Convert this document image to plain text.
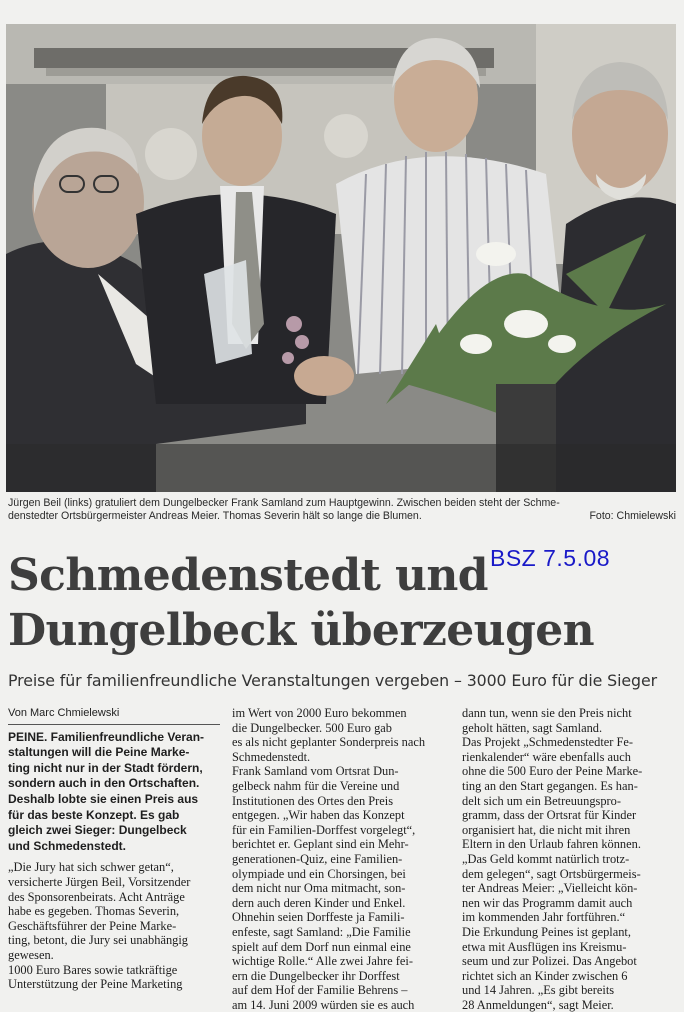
Jürgen Beil (links) gratuliert dem Dungelbecker Frank Samland zum Hauptgewinn. Zwischen beiden steht der Schme-

denstedter Ortsbürgermeister Andreas Meier. Thomas Severin hält so lange die Blumen.	Foto: Chmielewski

BSZ 7.5.08
Schmedenstedt und
Dungelbeck überzeugen

Preise für familienfreundliche Veranstaltungen vergeben – 3000 Euro für die Sieger

Von Marc Chmielewski

PEINE. Familienfreundliche Veran-

staltungen will die Peine Marke-

ting nicht nur in der Stadt fördern,

sondern auch in den Ortschaften.

Deshalb lobte sie einen Preis aus

für das beste Konzept. Es gab

gleich zwei Sieger: Dungelbeck

und Schmedenstedt.

„Die Jury hat sich schwer getan“,

versicherte Jürgen Beil, Vorsitzender

des Sponsorenbeirats. Acht Anträge

habe es gegeben. Thomas Severin,

Geschäftsführer der Peine Marke-

ting, betont, die Jury sei unabhängig

gewesen.

1000 Euro Bares sowie tatkräftige

Unterstützung der Peine Marketing

im Wert von 2000 Euro bekommen

die Dungelbecker. 500 Euro gab

es als nicht geplanter Sonderpreis nach

Schmedenstedt.

Frank Samland vom Ortsrat Dun-

gelbeck nahm für die Vereine und

Institutionen des Ortes den Preis

entgegen. „Wir haben das Konzept

für ein Familien-Dorffest vorgelegt“,

berichtet er. Geplant sind ein Mehr-

generationen-Quiz, eine Familien-

olympiade und ein Chorsingen, bei

dem nicht nur Oma mitmacht, son-

dern auch deren Kinder und Enkel.

Ohnehin seien Dorffeste ja Famili-

enfeste, sagt Samland: „Die Familie

spielt auf dem Dorf nun einmal eine

wichtige Rolle.“ Alle zwei Jahre fei-

ern die Dungelbecker ihr Dorffest

auf dem Hof der Familie Behrens –

am 14. Juni 2009 würden sie es auch

dann tun, wenn sie den Preis nicht

geholt hätten, sagt Samland.

Das Projekt „Schmedenstedter Fe-

rienkalender“ wäre ebenfalls auch

ohne die 500 Euro der Peine Marke-

ting an den Start gegangen. Es han-

delt sich um ein Betreuungspro-

gramm, dass der Ortsrat für Kinder

organisiert hat, die nicht mit ihren

Eltern in den Urlaub fahren können.

„Das Geld kommt natürlich trotz-

dem gelegen“, sagt Ortsbürgermeis-

ter Andreas Meier: „Vielleicht kön-

nen wir das Programm damit auch

im kommenden Jahr fortführen.“

Die Erkundung Peines ist geplant,

etwa mit Ausflügen ins Kreismu-

seum und zur Polizei. Das Angebot

richtet sich an Kinder zwischen 6

und 14 Jahren. „Es gibt bereits

28 Anmeldungen“, sagt Meier.
